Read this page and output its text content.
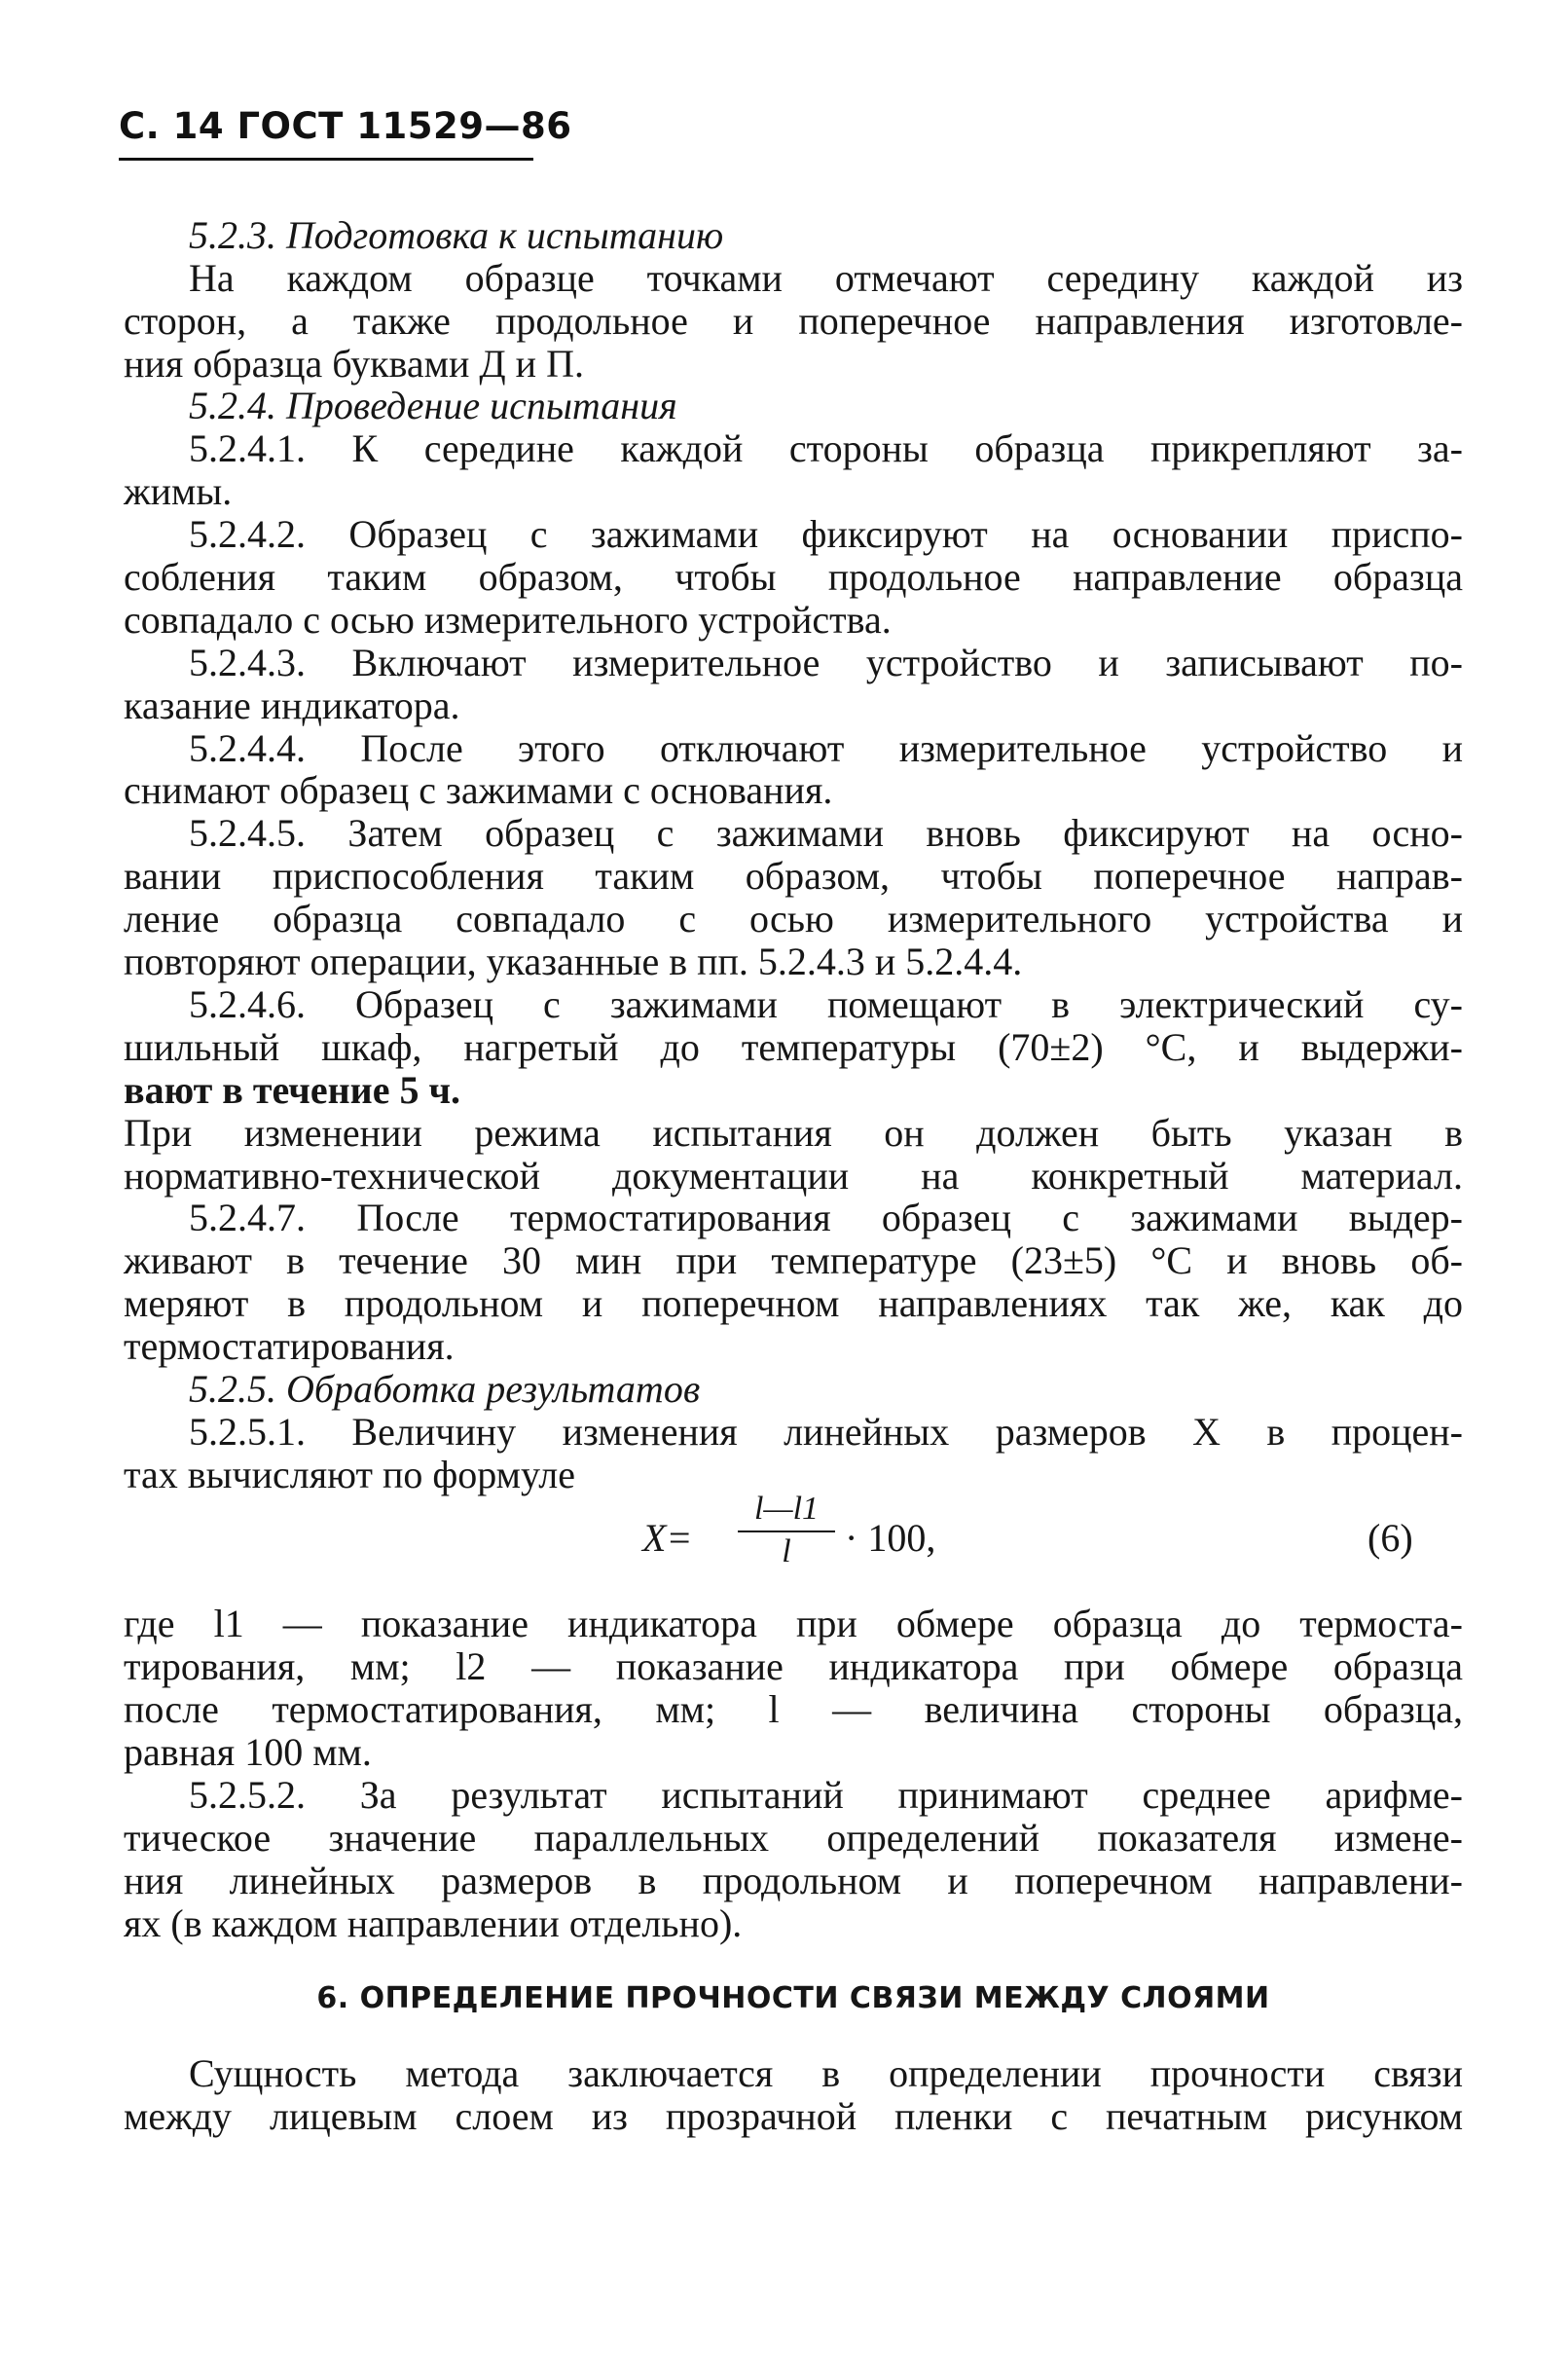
С. 14 ГОСТ 11529—86
5.2.3. Подготовка к испытанию
На каждом образце точками отмечают середину каждой из
сторон, а также продольное и поперечное направления изготовле-
ния образца буквами Д и П.
5.2.4. Проведение испытания
5.2.4.1. К середине каждой стороны образца прикрепляют за-
жимы.
5.2.4.2. Образец с зажимами фиксируют на основании приспо-
собления таким образом, чтобы продольное направление образца
совпадало с осью измерительного устройства.
5.2.4.3. Включают измерительное устройство и записывают по-
казание индикатора.
5.2.4.4. После этого отключают измерительное устройство и
снимают образец с зажимами с основания.
5.2.4.5. Затем образец с зажимами вновь фиксируют на осно-
вании приспособления таким образом, чтобы поперечное направ-
ление образца совпадало с осью измерительного устройства и
повторяют операции, указанные в пп. 5.2.4.3 и 5.2.4.4.
5.2.4.6. Образец с зажимами помещают в электрический су-
шильный шкаф, нагретый до температуры (70±2) °С, и выдержи-
вают в течение 5 ч.
При изменении режима испытания он должен быть указан в
нормативно-технической документации на конкретный материал.
5.2.4.7. После термостатирования образец с зажимами выдер-
живают в течение 30 мин при температуре (23±5) °С и вновь об-
меряют в продольном и поперечном направлениях так же, как до
термостатирования.
5.2.5. Обработка результатов
5.2.5.1. Величину изменения линейных размеров X в процен-
тах вычисляют по формуле
X=
l—l1
l	· 100,	(6)
где l1 — показание индикатора при обмере образца до термоста-
тирования, мм; l2 — показание индикатора при обмере образца
после термостатирования, мм; l — величина стороны образца,
равная 100 мм.
5.2.5.2. За результат испытаний принимают среднее арифме-
тическое значение параллельных определений показателя измене-
ния линейных размеров в продольном и поперечном направлени-
ях (в каждом направлении отдельно).
6. ОПРЕДЕЛЕНИЕ ПРОЧНОСТИ СВЯЗИ МЕЖДУ СЛОЯМИ
Сущность метода заключается в определении прочности связи
между лицевым слоем из прозрачной пленки с печатным рисунком
